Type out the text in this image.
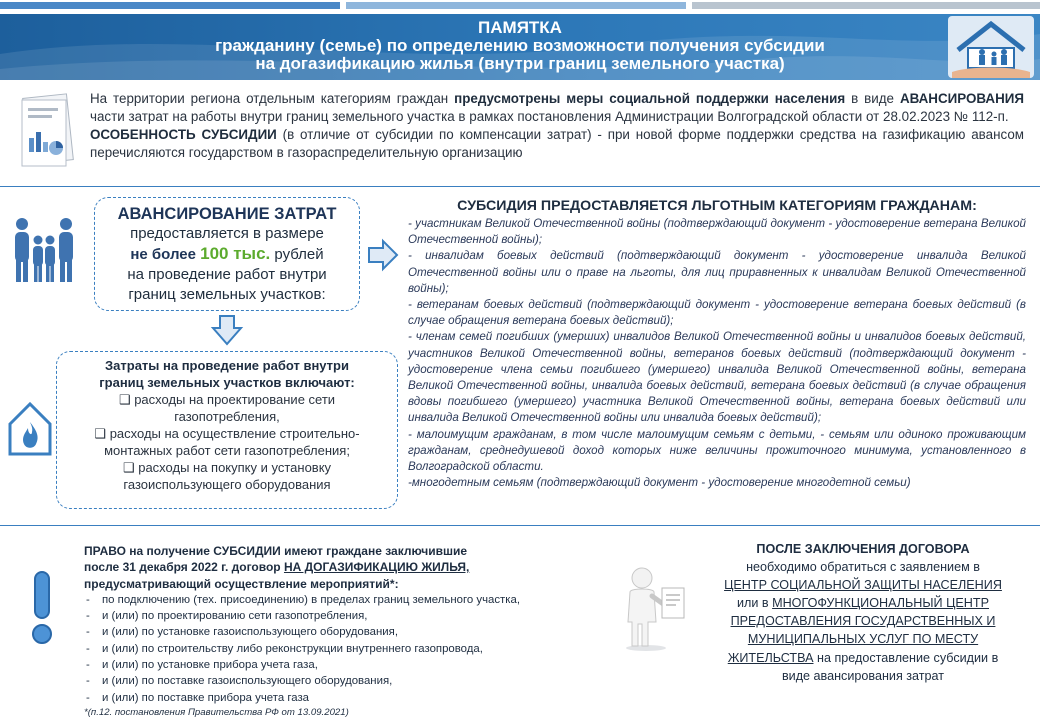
ПАМЯТКА
гражданину (семье) по определению возможности получения субсидии
на догазификацию жилья (внутри границ земельного участка)
На территории региона отдельным категориям граждан предусмотрены меры социальной поддержки населения в виде АВАНСИРОВАНИЯ части затрат на работы внутри границ земельного участка в рамках постановления Администрации Волгоградской области от 28.02.2023 № 112-п.
ОСОБЕННОСТЬ СУБСИДИИ (в отличие от субсидии по компенсации затрат) - при новой форме поддержки средства на газификацию авансом перечисляются государством в газораспределительную организацию
АВАНСИРОВАНИЕ ЗАТРАТ
предоставляется в размере
не более 100 тыс. рублей
на проведение работ внутри
границ земельных участков:
Затраты на проведение работ внутри
границ земельных участков включают:
❑ расходы на проектирование сети
газопотребления,
❑ расходы на осуществление строительно-
монтажных работ сети газопотребления;
❑ расходы на покупку и установку
газоиспользующего оборудования
СУБСИДИЯ ПРЕДОСТАВЛЯЕТСЯ ЛЬГОТНЫМ КАТЕГОРИЯМ ГРАЖДАНАМ:
- участникам Великой Отечественной войны (подтверждающий документ - удостоверение ветерана Великой Отечественной войны);
- инвалидам боевых действий (подтверждающий документ - удостоверение инвалида Великой Отечественной войны или о праве на льготы, для лиц приравненных к инвалидам Великой Отечественной войны);
- ветеранам боевых действий (подтверждающий документ - удостоверение ветерана боевых действий (в случае обращения ветерана боевых действий);
- членам семей погибших (умерших) инвалидов Великой Отечественной войны и инвалидов боевых действий, участников Великой Отечественной войны, ветеранов боевых действий (подтверждающий документ - удостоверение члена семьи погибшего (умершего) инвалида Великой Отечественной войны, ветерана Великой Отечественной войны, инвалида боевых действий, ветерана боевых действий (в случае обращения вдовы погибшего (умершего) участника Великой Отечественной войны, ветерана боевых действий или инвалида Великой Отечественной войны или инвалида боевых действий);
- малоимущим гражданам, в том числе малоимущим семьям с детьми, - семьям или одиноко проживающим гражданам, среднедушевой доход которых ниже величины прожиточного минимума, установленного в Волгоградской области.
-многодетным семьям (подтверждающий документ - удостоверение многодетной семьи)
ПРАВО на получение СУБСИДИИ имеют граждане заключившие
после 31 декабря 2022 г. договор НА ДОГАЗИФИКАЦИЮ ЖИЛЬЯ,
предусматривающий осуществление мероприятий*:
- по подключению (тех. присоединению) в пределах границ земельного участка,
- и (или) по проектированию сети газопотребления,
- и (или) по установке газоиспользующего оборудования,
- и (или) по строительству либо реконструкции внутреннего газопровода,
- и (или) по установке прибора учета газа,
- и (или) по поставке газоиспользующего оборудования,
- и (или) по поставке прибора учета газа
*(п.12. постановления Правительства РФ от 13.09.2021)
ПОСЛЕ ЗАКЛЮЧЕНИЯ ДОГОВОРА
необходимо обратиться с заявлением в
ЦЕНТР СОЦИАЛЬНОЙ ЗАЩИТЫ НАСЕЛЕНИЯ
или в МНОГОФУНКЦИОНАЛЬНЫЙ ЦЕНТР
ПРЕДОСТАВЛЕНИЯ ГОСУДАРСТВЕННЫХ И
МУНИЦИПАЛЬНЫХ УСЛУГ ПО МЕСТУ
ЖИТЕЛЬСТВА на предоставление субсидии в
виде авансирования затрат
